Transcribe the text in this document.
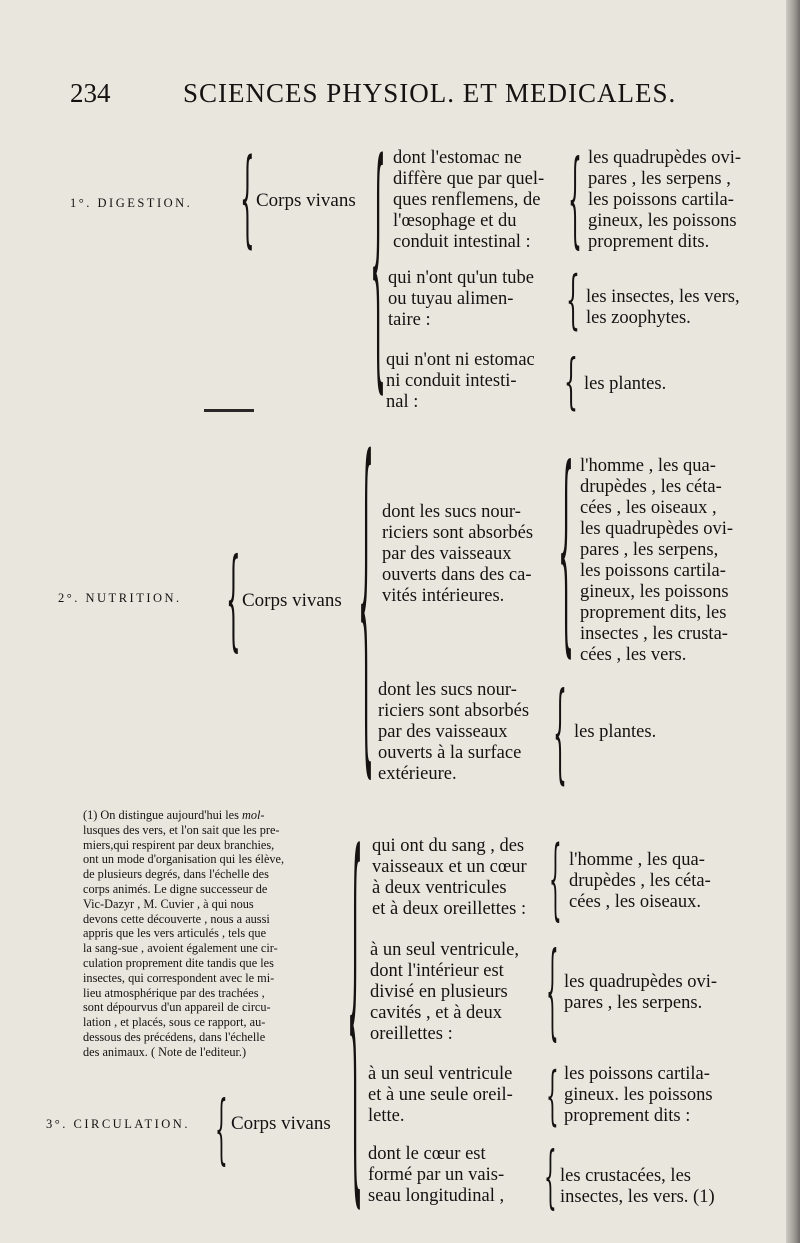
234	SCIENCES PHYSIOL. ET MEDICALES.
1°. DIGESTION. { Corps vivans { dont l'estomac ne
diffère que par quel-
ques renflemens, de
l'œsophage et du
conduit intestinal : { les quadrupèdes ovi-
pares , les serpens ,
les poissons cartila-
gineux, les poissons
proprement dits.
qui n'ont qu'un tube
ou tuyau alimen-
taire :	{ les insectes, les vers,
les zoophytes.
qui n'ont ni estomac
ni conduit intesti-
nal :	{ les plantes.
2°. NUTRITION. { Corps vivans { dont les sucs nour-
riciers sont absorbés
par des vaisseaux
ouverts dans des ca-
vités intérieures. { l'homme , les qua-
drupèdes , les céta-
cées , les oiseaux ,
les quadrupèdes ovi-
pares , les serpens,
les poissons cartila-
gineux, les poissons
proprement dits, les
insectes , les crusta-
cées , les vers.
dont les sucs nour-
riciers sont absorbés
par des vaisseaux
ouverts à la surface
extérieure. { les plantes.
(1) On distingue aujourd'hui les mol-
lusques des vers, et l'on sait que les pre-
miers,qui respirent par deux branchies,
ont un mode d'organisation qui les élève,
de plusieurs degrés, dans l'échelle des
corps animés. Le digne successeur de
Vic-Dazyr , M. Cuvier , à qui nous
devons cette découverte , nous a aussi
appris que les vers articulés , tels que
la sang-sue , avoient également une cir-
culation proprement dite tandis que les
insectes, qui correspondent avec le mi-
lieu atmosphérique par des trachées ,
sont dépourvus d'un appareil de circu-
lation , et placés, sous ce rapport, au-
dessous des précédens, dans l'échelle
des animaux. ( Note de l'editeur.)
3°. CIRCULATION. { Corps vivans { qui ont du sang , des
vaisseaux et un cœur
à deux ventricules
et à deux oreillettes : { l'homme , les qua-
drupèdes , les céta-
cées , les oiseaux.
à un seul ventricule,
dont l'intérieur est
divisé en plusieurs
cavités , et à deux
oreillettes : { les quadrupèdes ovi-
pares , les serpens.
à un seul ventricule
et à une seule oreil-
lette.	{ les poissons cartila-
gineux. les poissons
proprement dits :
dont le cœur est
formé par un vais-
seau longitudinal , { les crustacées, les
insectes, les vers. (1)
